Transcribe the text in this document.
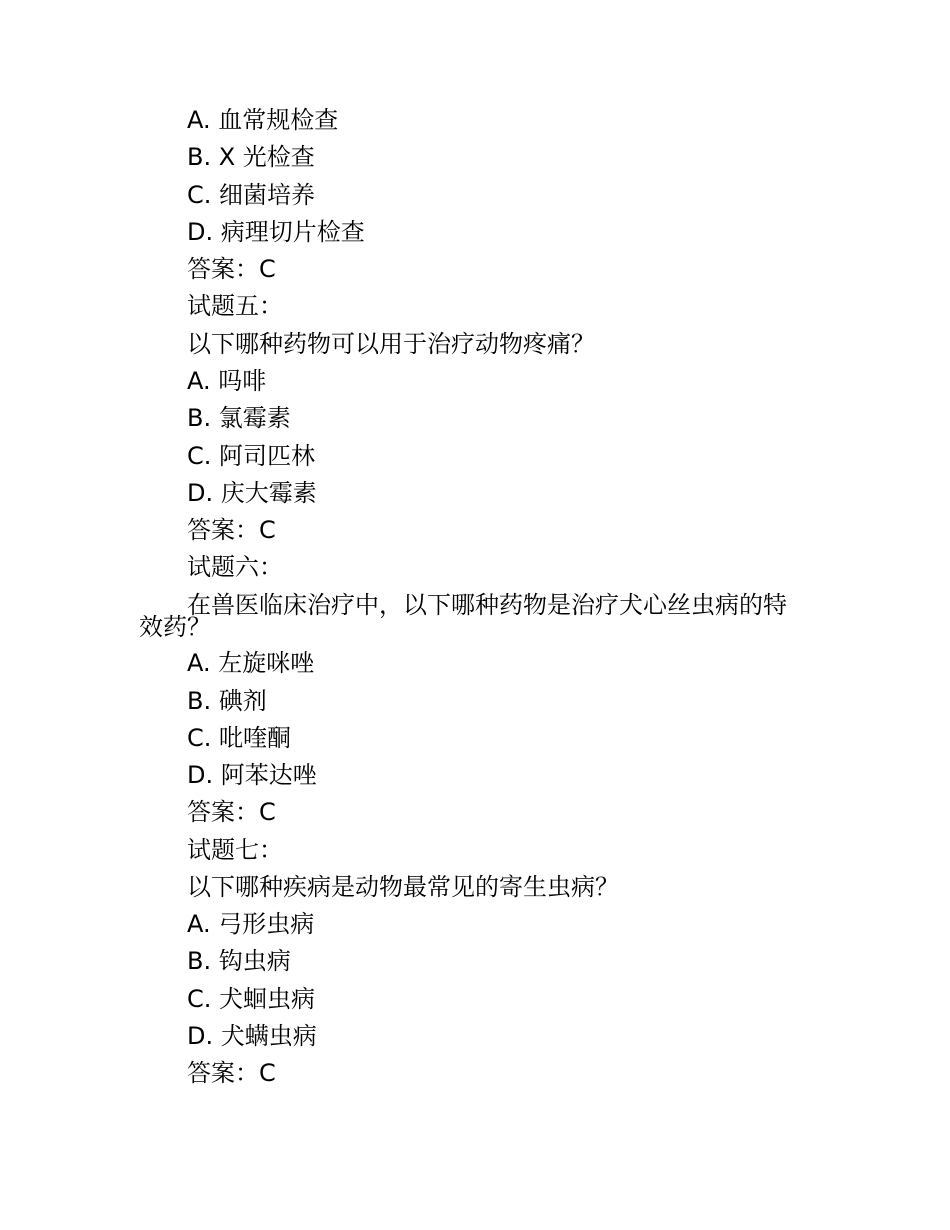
A. 血常规检查
B. X 光检查
C. 细菌培养
D. 病理切片检查
答案：C
试题五：
以下哪种药物可以用于治疗动物疼痛？
A. 吗啡
B. 氯霉素
C. 阿司匹林
D. 庆大霉素
答案：C
试题六：
在兽医临床治疗中，以下哪种药物是治疗犬心丝虫病的特
效药？
A. 左旋咪唑
B. 碘剂
C. 吡喹酮
D. 阿苯达唑
答案：C
试题七：
以下哪种疾病是动物最常见的寄生虫病？
A. 弓形虫病
B. 钩虫病
C. 犬蛔虫病
D. 犬螨虫病
答案：C
